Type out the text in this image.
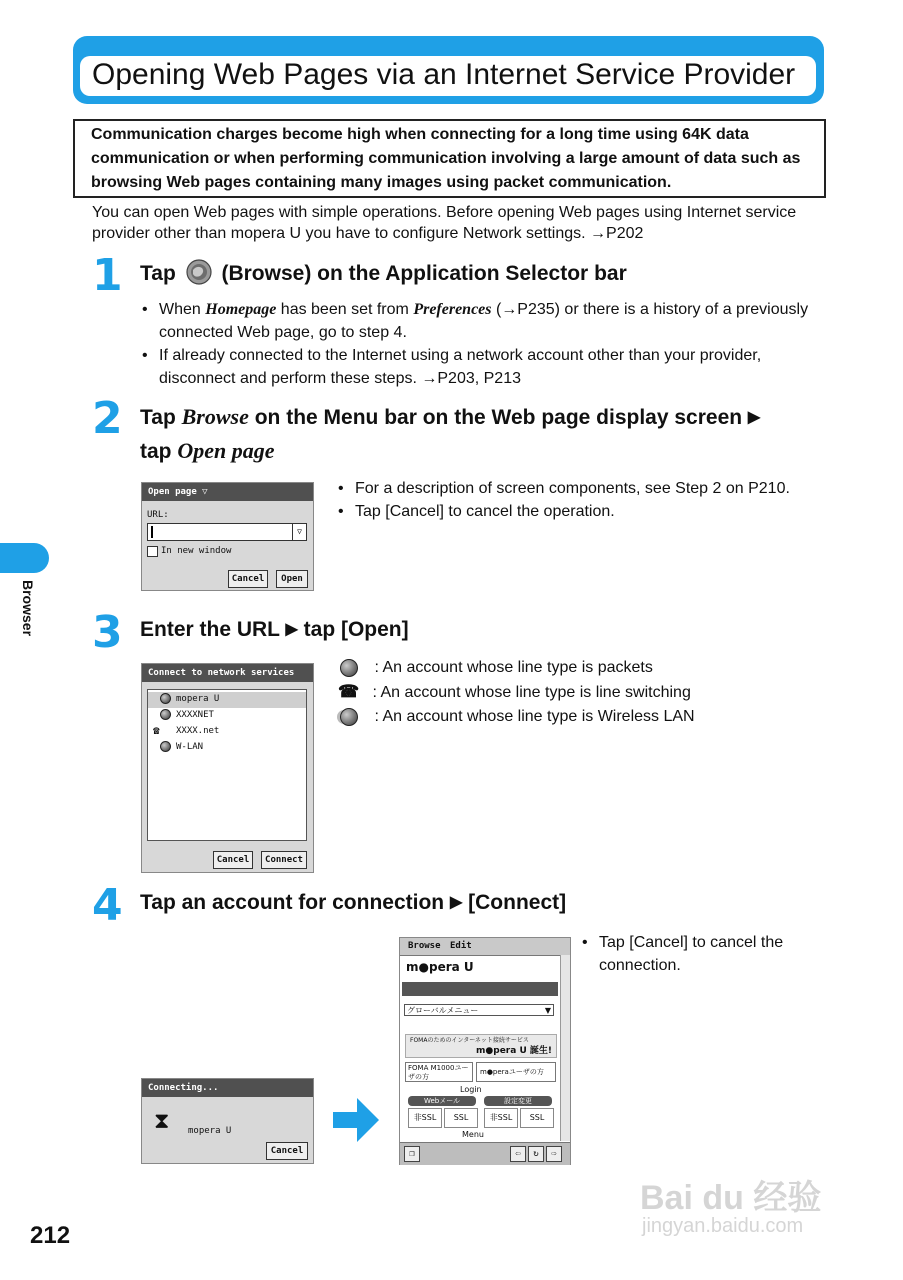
Opening Web Pages via an Internet Service Provider

Communication charges become high when connecting for a long time using 64K data communication or when performing communication involving a large amount of data such as browsing Web pages containing many images using packet communication.

You can open Web pages with simple operations. Before opening Web pages using Internet service provider other than mopera U you have to configure Network settings. →P202
Browser
1 Tap (Browse) on the Application Selector bar
• When Homepage has been set from Preferences (→P235) or there is a history of a previously connected Web page, go to step 4.
• If already connected to the Internet using a network account other than your provider, disconnect and perform these steps. →P203, P213
2 Tap Browse on the Menu bar on the Web page display screen ▶
tap Open page
Open page ▽
URL:
▽
In new window
Cancel	Open
• For a description of screen components, see Step 2 on P210.
• Tap [Cancel] to cancel the operation.
3 Enter the URL ▶ tap [Open]
Connect to network services
mopera U
XXXXNET
☎ XXXX.net
W-LAN
Cancel	Connect
: An account whose line type is packets
☎ : An account whose line type is line switching
: An account whose line type is Wireless LAN
4 Tap an account for connection ▶ [Connect]
Connecting...
⧗ mopera U
Cancel
Browse Edit
m●pera U
グローバルメニュー	▼
FOMAのためのインターネット接続サービス
m●pera U 誕生!
FOMA M1000ユーザの方
m●peraユーザの方
Login
Webメール	設定変更
非SSL	SSL	非SSL	SSL
Menu
❐	⇦	↻	⇨
• Tap [Cancel] to cancel the connection.
212
Bai du 经验
jingyan.baidu.com
